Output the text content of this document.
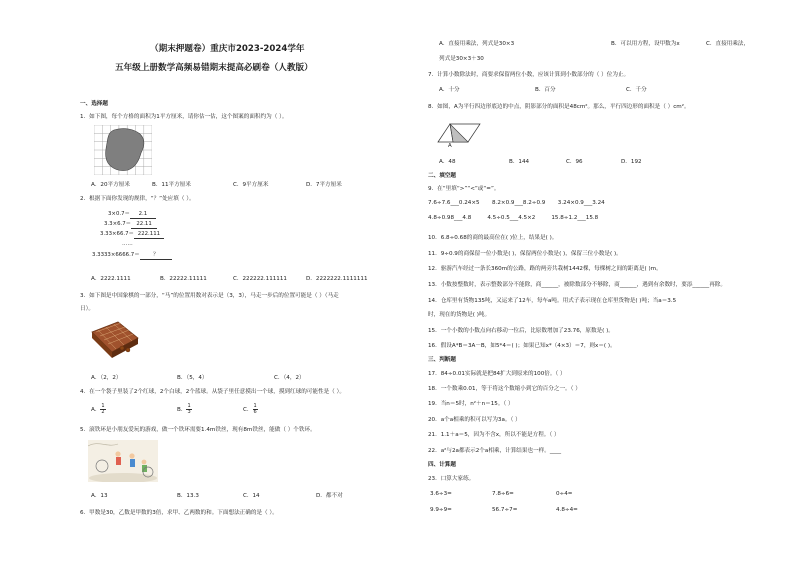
（期末押题卷）重庆市2023-2024学年
五年级上册数学高频易错期末提高必刷卷（人教版）
一、选择题
1．如下图，每个方格的面积为1平方厘米，请你估一估，这个图案的面积约为（ ）。
A．20平方厘米	B．11平方厘米	C．9平方厘米	D．7平方厘米
2．根据下面你发现的规律，“？”处应填（ ）。
3×0.7＝ 2.1
3.3×6.7＝ 22.11
3.33×66.7＝ 222.111
……
3.3333×6666.7＝ ？
A．2222.1111	B．22222.11111	C．222222.111111	D．2222222.1111111
3．如下图是中国象棋的一部分，“马”的位置用数对表示是（3，3），马走一步后的位置可能是（ ）（马走
日）。
A．（2，2）	B．（5，4）	C．（4，2）
4．在一个袋子里装了2个红球，2个白球，2个蓝球。从袋子里任意摸出一个球，摸到红球的可能性是（ ）。
A． $\frac{1}{2}$	B． $\frac{1}{3}$	C． $\frac{1}{6}$
5．滚铁环是小朋友爱玩的游戏，做一个铁环需要1.4m铁丝，现有8m铁丝，能做（ ）个铁环。
A．13	B．13.3	C．14	D．都不对
6．甲数是30，乙数是甲数的3倍，求甲、乙两数的和。下面想法正确的是（ ）。
A．直接用乘法，列式是30×3	B．可以用方程，设甲数为x	C．直接用乘法，
列式是30×3＋30
7．计算小数除法时，商要求保留两位小数，应该计算到小数部分的（ ）位为止。
A．十分	B．百分	C．千分
8．如图，A为平行四边形底边的中点，阴影部分的面积是48cm²。那么，平行四边形的面积是（ ）cm²。
A
A．48	B．144	C．96	D．192
二、填空题
9．在“里填“>”“<”或“=”。
7.6÷7.6___0.24×5       8.2×0.9___8.2÷0.9       3.24×0.9___3.24
4.8÷0.98___4.8         4.5÷0.5___4.5×2         15.8÷1.2___15.8
10．6.8÷0.68的商的最高位在( )位上，结果是( )。
11．9÷0.9的商保留一位小数是( )，保留两位小数是( )，保留三位小数是( )。
12．驱游汽车经过一条长360m的公路，路的两旁共栽树1442棵，每棵树之间的距离是( )m。
13．小数按整数时，表示整数部分不能除，商______，被除数部分不够除，商______，遇到有余数时，要添______再除。
14．仓库里有货物135吨，又运来了12车，每车a吨。用式子表示现在仓库里货物是( )吨；当a＝3.5
时，现在的货物是( )吨。
15．一个小数的小数点向右移动一位后，比原数增加了23.76，原数是( )。
16．假设A*B＝3A－B，如5*4＝( )；如果已知x*（4×3）＝7，则x＝( )。
三、判断题
17．84÷0.01实际就是把84扩大到原来的100倍。（ ）
18．一个数乘0.01，等于将这个数缩小到它的百分之一。（ ）
19．当n＝5时，n²＋n＝15。（ ）
20．a个a相乘的积可以写为3a。（ ）
21．1.1＋a＝5，因为不含x，所以不能是方程。（ ）
22．a²与2a都表示2个a相乘，计算结果也一样。____
四、计算题
23．口算大家练。
3.6÷3=	7.8÷6=	0÷4=
9.9÷9=	56.7÷7=	4.8÷4=
